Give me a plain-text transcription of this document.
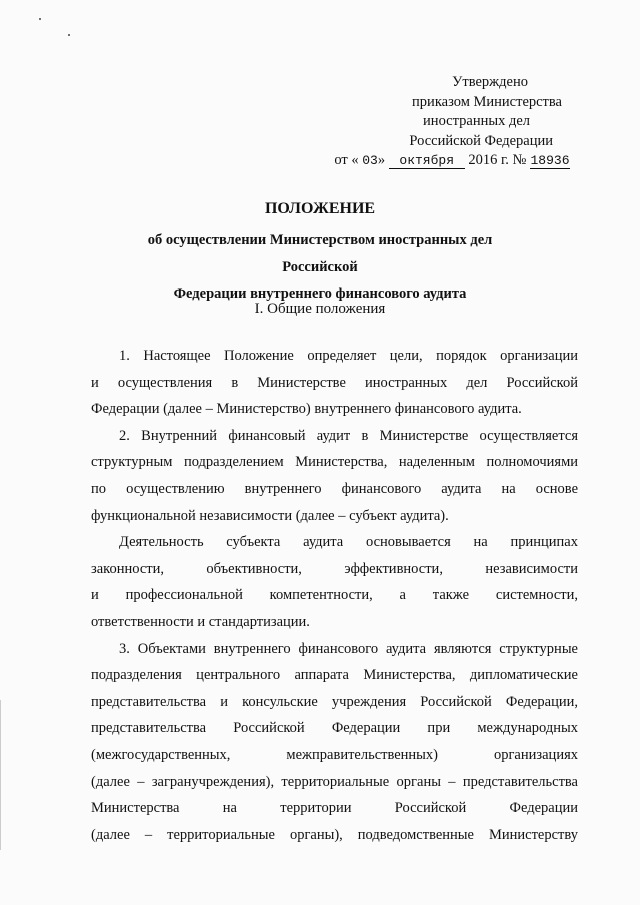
Утверждено
приказом Министерства
иностранных дел
Российской Федерации
от « 03» октября 2016 г. № 18936
ПОЛОЖЕНИЕ
об осуществлении Министерством иностранных дел Российской
Федерации внутреннего финансового аудита
I. Общие положения

1. Настоящее Положение определяет цели, порядок организации
и осуществления в Министерстве иностранных дел Российской
Федерации (далее – Министерство) внутреннего финансового аудита.

2. Внутренний финансовый аудит в Министерстве осуществляется
структурным подразделением Министерства, наделенным полномочиями
по осуществлению внутреннего финансового аудита на основе
функциональной независимости (далее – субъект аудита).

Деятельность субъекта аудита основывается на принципах
законности, объективности, эффективности, независимости
и профессиональной компетентности, а также системности,
ответственности и стандартизации.

3. Объектами внутреннего финансового аудита являются структурные
подразделения центрального аппарата Министерства, дипломатические
представительства и консульские учреждения Российской Федерации,
представительства Российской Федерации при международных
(межгосударственных, межправительственных) организациях
(далее – загранучреждения), территориальные органы – представительства
Министерства на территории Российской Федерации
(далее – территориальные органы), подведомственные Министерству
